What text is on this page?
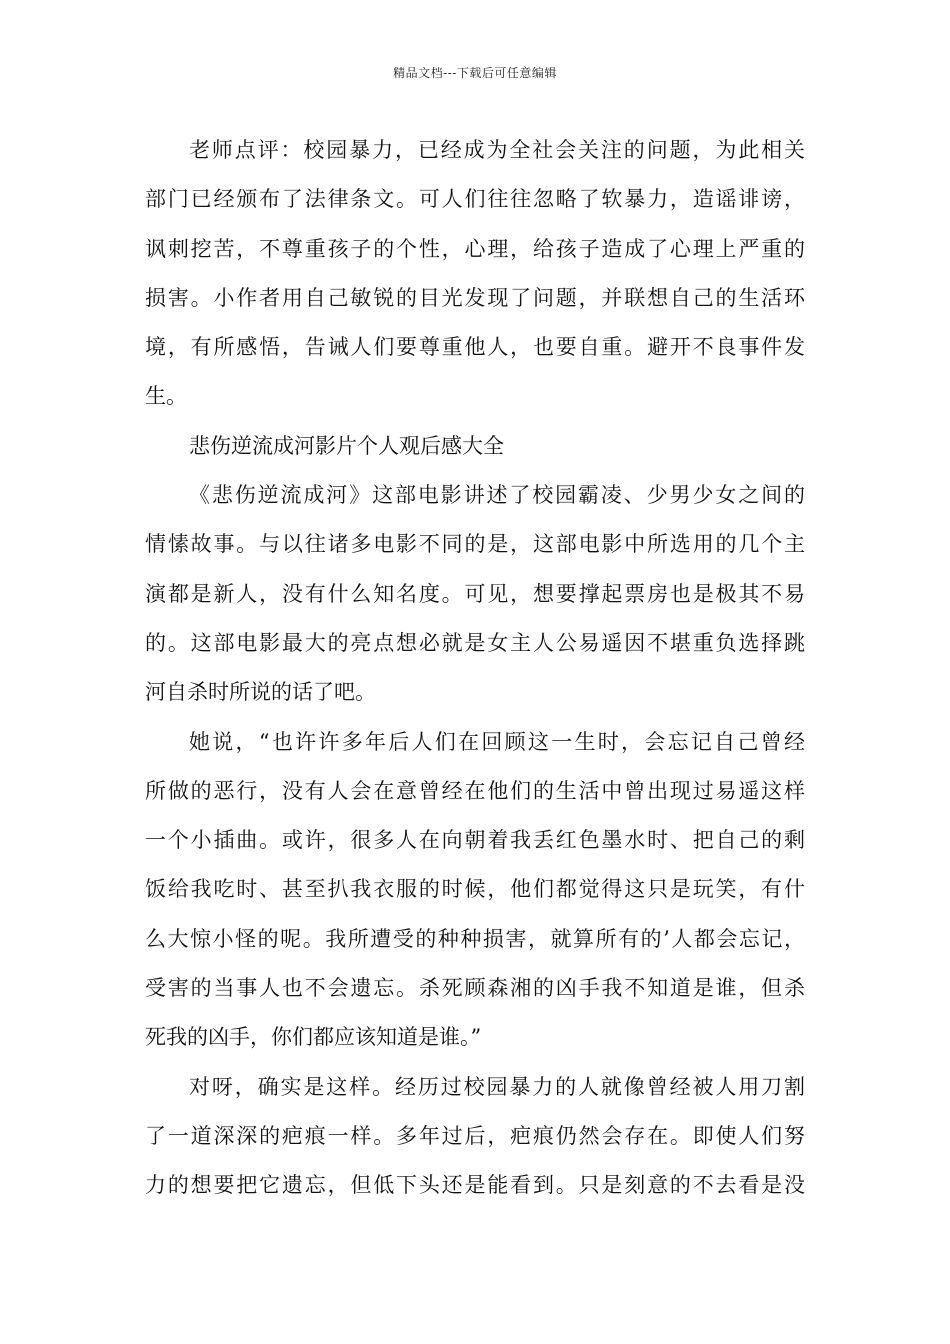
精品文档---下载后可任意编辑
老师点评：校园暴力，已经成为全社会关注的问题，为此相关
部门已经颁布了法律条文。可人们往往忽略了软暴力，造谣诽谤，
讽刺挖苦，不尊重孩子的个性，心理，给孩子造成了心理上严重的
损害。小作者用自己敏锐的目光发现了问题，并联想自己的生活环
境，有所感悟，告诫人们要尊重他人，也要自重。避开不良事件发
生。
悲伤逆流成河影片个人观后感大全
《悲伤逆流成河》这部电影讲述了校园霸凌、少男少女之间的
情愫故事。与以往诸多电影不同的是，这部电影中所选用的几个主
演都是新人，没有什么知名度。可见，想要撑起票房也是极其不易
的。这部电影最大的亮点想必就是女主人公易遥因不堪重负选择跳
河自杀时所说的话了吧。
她说，“也许许多年后人们在回顾这一生时，会忘记自己曾经
所做的恶行，没有人会在意曾经在他们的生活中曾出现过易遥这样
一个小插曲。或许，很多人在向朝着我丢红色墨水时、把自己的剩
饭给我吃时、甚至扒我衣服的时候，他们都觉得这只是玩笑，有什
么大惊小怪的呢。我所遭受的种种损害，就算所有的’人都会忘记，
受害的当事人也不会遗忘。杀死顾森湘的凶手我不知道是谁，但杀
死我的凶手，你们都应该知道是谁。”
对呀，确实是这样。经历过校园暴力的人就像曾经被人用刀割
了一道深深的疤痕一样。多年过后，疤痕仍然会存在。即使人们努
力的想要把它遗忘，但低下头还是能看到。只是刻意的不去看是没
